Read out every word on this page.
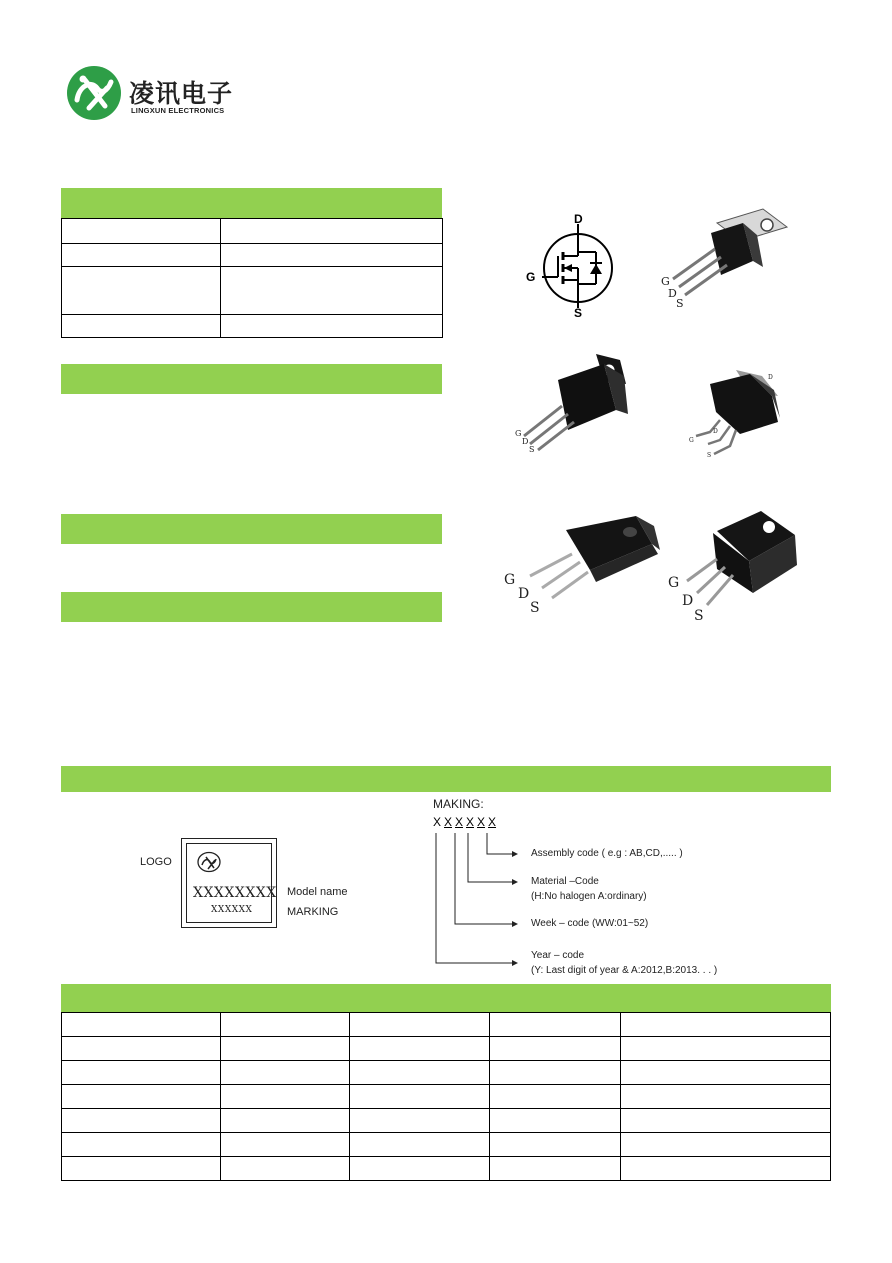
凌讯电子
LINGXUN ELECTRONICS

D
G
S
G
D
S
G
D
S
D
G
D
S
G
D
S
G
D
S
LOGO
XXXXXXXX
XXXXXX
Model name
MARKING
MAKING:
X X X X X X
Assembly code ( e.g : AB,CD,..... )
Material –Code
(H:No halogen A:ordinary)
Week – code (WW:01~52)
Year – code
(Y: Last digit of year & A:2012,B:2013. . . )
